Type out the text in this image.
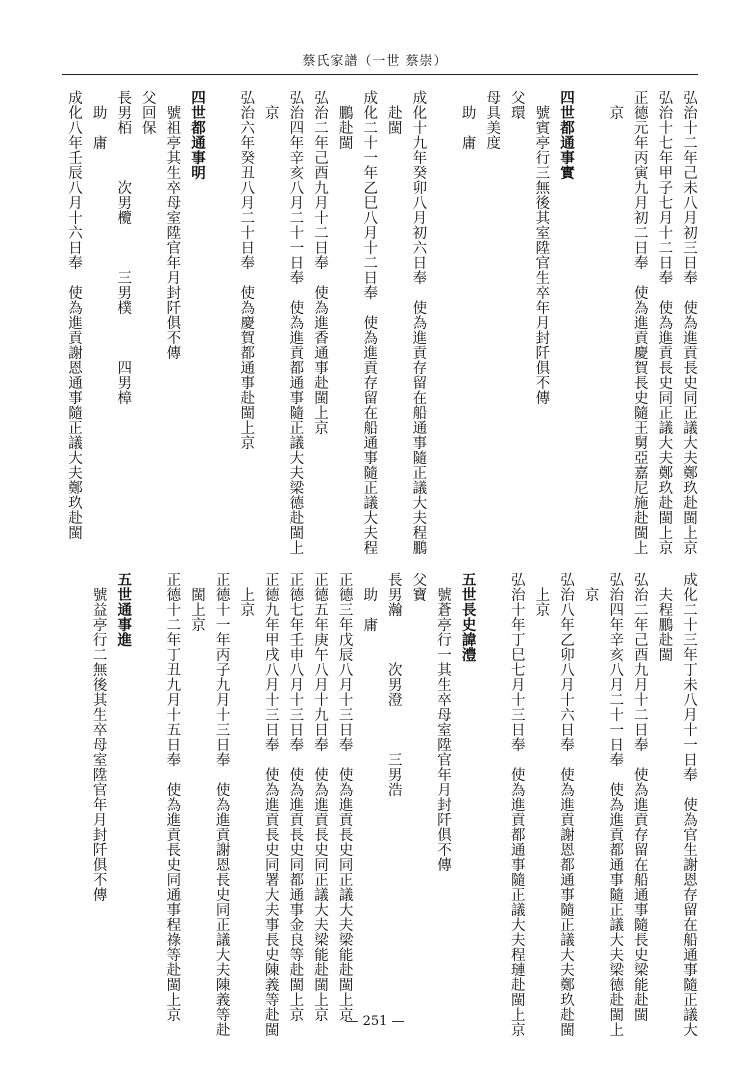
蔡氏家譜（一世 蔡崇）
弘治十二年己未八月初三日奉　使為進貢長史同正議大夫鄭玖赴閩上京
弘治十七年甲子七月十二日奉　使為進貢長史同正議大夫鄭玖赴閩上京
正德元年丙寅九月初二日奉　使為進貢慶賀長史隨王舅亞嘉尼施赴閩上
　京
四世都通事實
　號賓亭行三無後其室陞官生卒年月封阡俱不傳
父環
母具美度
　助　庸
成化十九年癸卯八月初六日奉　使為進貢存留在船通事隨正議大夫程鵬
　赴閩
成化二十一年乙巳八月十二日奉　使為進貢存留在船通事隨正議大夫程
　鵬赴閩
弘治二年己酉九月十二日奉　使為進香通事赴閩上京
弘治四年辛亥八月二十一日奉　使為進貢都通事隨正議大夫梁德赴閩上
　京
弘治六年癸丑八月二十日奉　使為慶賀都通事赴閩上京
四世都通事明
　號祖亭其生卒母室陞官年月封阡俱不傳
父回保
長男栢　　　次男欖　　　三男樸　　　四男樟
　助　庸
成化八年壬辰八月十六日奉　使為進貢謝恩通事隨正議大夫鄭玖赴閩
成化二十三年丁未八月十一日奉　使為官生謝恩存留在船通事隨正議大
　夫程鵬赴閩
弘治二年己酉九月十二日奉　使為進貢存留在船通事隨長史梁能赴閩
弘治四年辛亥八月二十一日奉　使為進貢都通事隨正議大夫梁德赴閩上
　京
弘治八年乙卯八月十六日奉　使為進貢謝恩都通事隨正議大夫鄭玖赴閩
　上京
弘治十年丁巳七月十三日奉　使為進貢都通事隨正議大夫程璉赴閩上京
五世長史諱澧
　號蒼亭行一其生卒母室陞官年月封阡俱不傳
父寶
長男瀚　　　次男澄　　　三男浩
　助　庸
正德三年戊辰八月十三日奉　使為進貢長史同正議大夫梁能赴閩上京
正德五年庚午八月十九日奉　使為進貢長史同正議大夫梁能赴閩上京
正德七年壬申八月十三日奉　使為進貢長史同都通事金良等赴閩上京
正德九年甲戌八月十三日奉　使為進貢長史同署大夫事長史陳義等赴閩
　上京
正德十一年丙子九月十三日奉　使為進貢謝恩長史同正議大夫陳義等赴
　閩上京
正德十二年丁丑九月十五日奉　使為進貢長史同通事程祿等赴閩上京
五世通事進
　號益亭行二無後其生卒母室陞官年月封阡俱不傳
— 251 —
